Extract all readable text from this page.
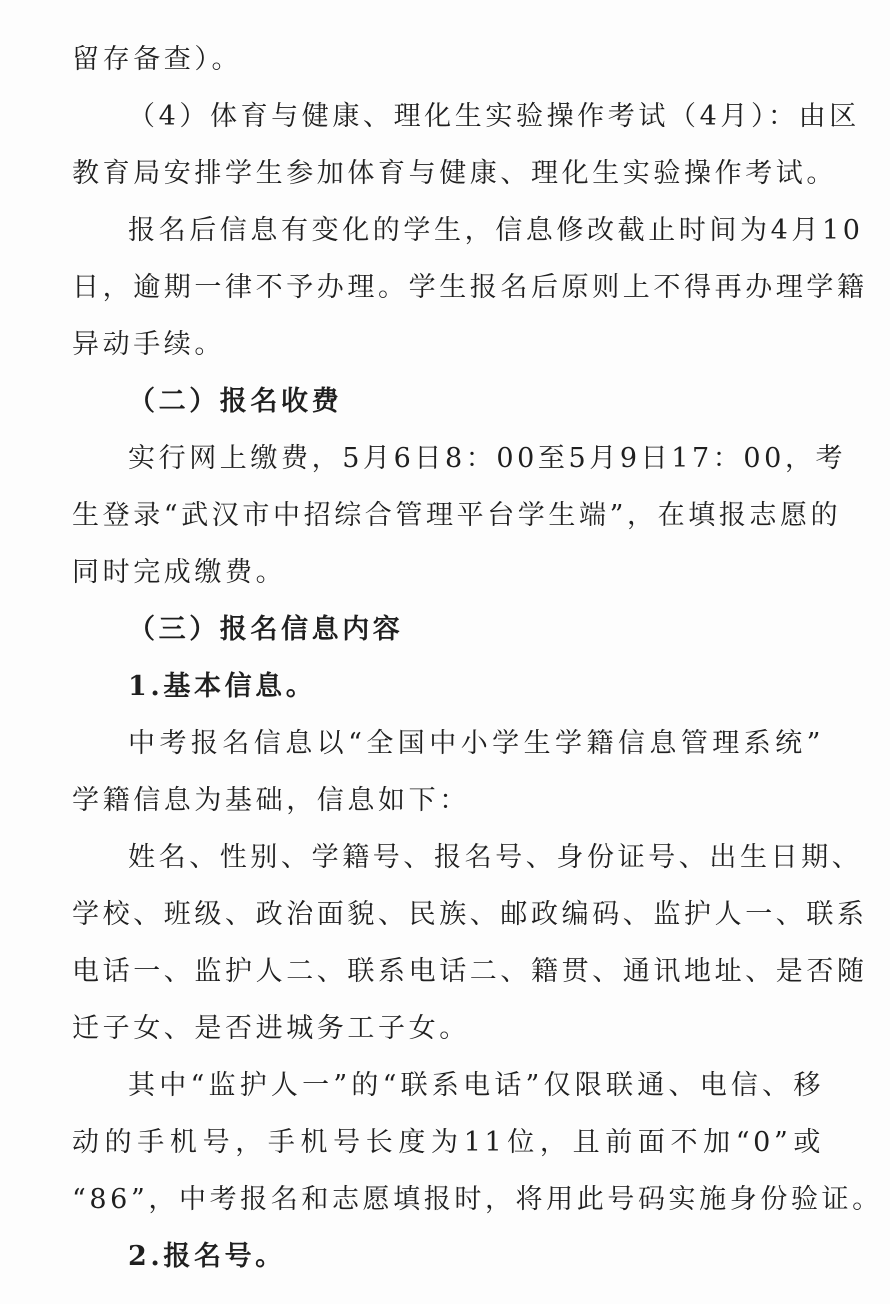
留存备查）。
（4）体育与健康、理化生实验操作考试（4月）：由区
教育局安排学生参加体育与健康、理化生实验操作考试。
报名后信息有变化的学生，信息修改截止时间为4月10
日，逾期一律不予办理。学生报名后原则上不得再办理学籍
异动手续。
（二）报名收费
实行网上缴费，5月6日8：00至5月9日17：00，考
生登录“武汉市中招综合管理平台学生端”，在填报志愿的
同时完成缴费。
（三）报名信息内容
1.基本信息。
中考报名信息以“全国中小学生学籍信息管理系统”
学籍信息为基础，信息如下：
姓名、性别、学籍号、报名号、身份证号、出生日期、
学校、班级、政治面貌、民族、邮政编码、监护人一、联系
电话一、监护人二、联系电话二、籍贯、通讯地址、是否随
迁子女、是否进城务工子女。
其中“监护人一”的“联系电话”仅限联通、电信、移
动的手机号，手机号长度为11位，且前面不加“0”或
“86”，中考报名和志愿填报时，将用此号码实施身份验证。
2.报名号。
